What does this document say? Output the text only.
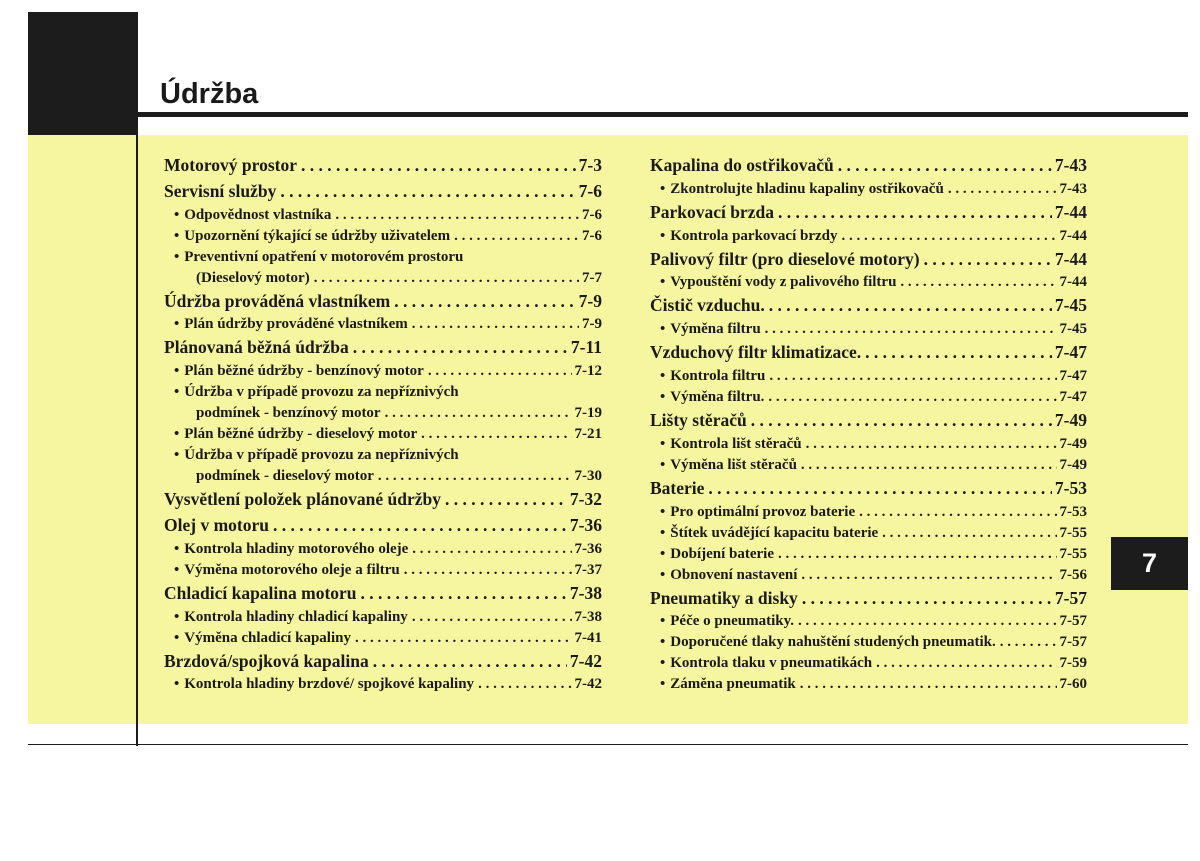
Údržba
Motorový prostor . . .	7-3
Servisní služby . . .	7-6
• Odpovědnost vlastníka . . .	7-6
• Upozornění týkající se údržby uživatelem . . .	7-6
• Preventivní opatření v motorovém prostoru
(Dieselový motor) . . .	7-7
Údržba prováděná vlastníkem . . .	7-9
• Plán údržby prováděné vlastníkem . . .	7-9
Plánovaná běžná údržba . . .	7-11
• Plán běžné údržby - benzínový motor . . .	7-12
• Údržba v případě provozu za nepříznivých
podmínek - benzínový motor . . .	7-19
• Plán běžné údržby - dieselový motor . . .	7-21
• Údržba v případě provozu za nepříznivých
podmínek - dieselový motor . . .	7-30
Vysvětlení položek plánované údržby . . .	7-32
Olej v motoru . . .	7-36
• Kontrola hladiny motorového oleje . . .	7-36
• Výměna motorového oleje a filtru . . .	7-37
Chladicí kapalina motoru . . .	7-38
• Kontrola hladiny chladicí kapaliny . . .	7-38
• Výměna chladicí kapaliny . . .	7-41
Brzdová/spojková kapalina . . .	7-42
• Kontrola hladiny brzdové/ spojkové kapaliny . . .	7-42
Kapalina do ostřikovačů . . .	7-43
• Zkontrolujte hladinu kapaliny ostřikovačů . . .	7-43
Parkovací brzda . . .	7-44
• Kontrola parkovací brzdy . . .	7-44
Palivový filtr (pro dieselové motory) . . .	7-44
• Vypouštění vody z palivového filtru . . .	7-44
Čistič vzduchu. . . .	7-45
• Výměna filtru . . .	7-45
Vzduchový filtr klimatizace. . . .	7-47
• Kontrola filtru . . .	7-47
• Výměna filtru. . . .	7-47
Lišty stěračů . . .	7-49
• Kontrola lišt stěračů . . .	7-49
• Výměna lišt stěračů . . .	7-49
Baterie . . .	7-53
• Pro optimální provoz baterie . . .	7-53
• Štítek uvádějící kapacitu baterie . . .	7-55
• Dobíjení baterie . . .	7-55
• Obnovení nastavení . . .	7-56
Pneumatiky a disky . . .	7-57
• Péče o pneumatiky. . . .	7-57
• Doporučené tlaky nahuštění studených pneumatik. . . .	7-57
• Kontrola tlaku v pneumatikách . . .	7-59
• Záměna pneumatik . . .	7-60
7
